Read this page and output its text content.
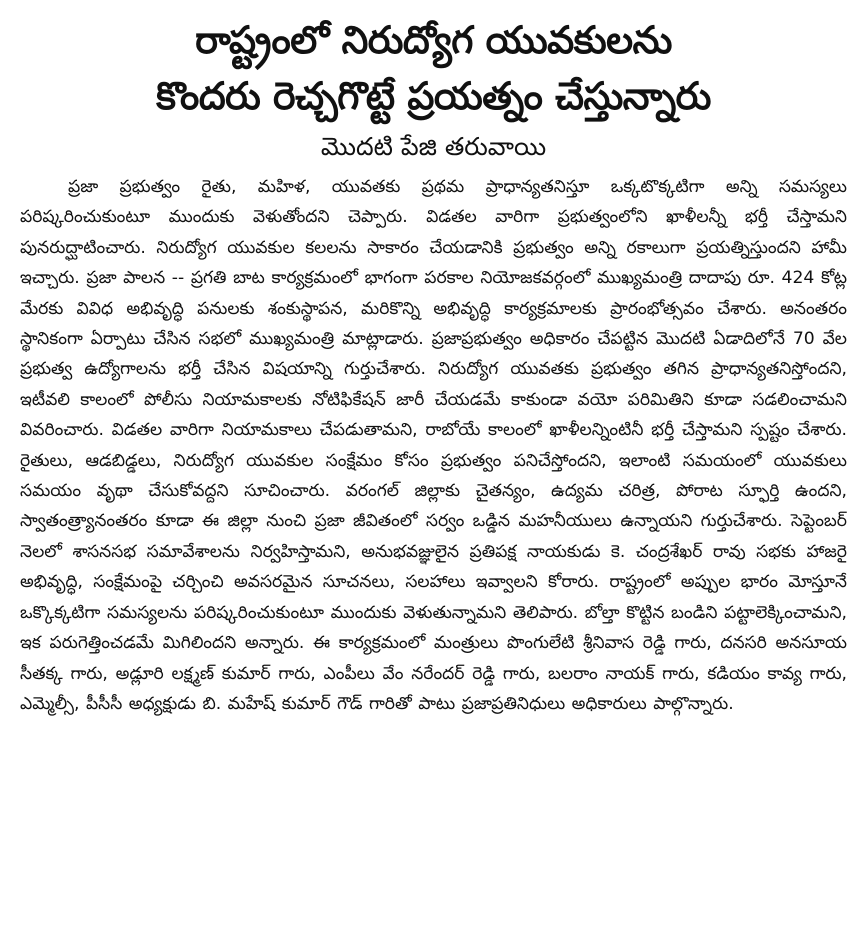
రాష్ట్రంలో నిరుద్యోగ యువకులను
కొందరు రెచ్చగొట్టే ప్రయత్నం చేస్తున్నారు
మొదటి పేజి తరువాయి

ప్రజా ప్రభుత్వం రైతు, మహిళ, యువతకు ప్రథమ ప్రాధాన్యతనిస్తూ ఒక్కటొక్కటిగా అన్ని సమస్యలు పరిష్కరించుకుంటూ ముందుకు వెళుతోందని చెప్పారు. విడతల వారిగా ప్రభుత్వంలోని ఖాళీలన్నీ భర్తీ చేస్తామని పునరుద్ఘాటించారు. నిరుద్యోగ యువకుల కలలను సాకారం చేయడానికి ప్రభుత్వం అన్ని రకాలుగా ప్రయత్నిస్తుందని హామీ ఇచ్చారు. ప్రజా పాలన -- ప్రగతి బాట కార్యక్రమంలో భాగంగా పరకాల నియోజకవర్గంలో ముఖ్యమంత్రి దాదాపు రూ. 424 కోట్ల మేరకు వివిధ అభివృద్ధి పనులకు శంకుస్థాపన, మరికొన్ని అభివృద్ధి కార్యక్రమాలకు ప్రారంభోత్సవం చేశారు. అనంతరం స్థానికంగా ఏర్పాటు చేసిన సభలో ముఖ్యమంత్రి మాట్లాడారు. ప్రజాప్రభుత్వం అధికారం చేపట్టిన మొదటి ఏడాదిలోనే 70 వేల ప్రభుత్వ ఉద్యోగాలను భర్తీ చేసిన విషయాన్ని గుర్తుచేశారు. నిరుద్యోగ యువతకు ప్రభుత్వం తగిన ప్రాధాన్యతనిస్తోందని, ఇటీవలి కాలంలో పోలీసు నియామకాలకు నోటిఫికేషన్ జారీ చేయడమే కాకుండా వయో పరిమితిని కూడా సడలించామని వివరించారు. విడతల వారిగా నియామకాలు చేపడుతామని, రాబోయే కాలంలో ఖాళీలన్నింటినీ భర్తీ చేస్తామని స్పష్టం చేశారు. రైతులు, ఆడబిడ్డలు, నిరుద్యోగ యువకుల సంక్షేమం కోసం ప్రభుత్వం పనిచేస్తోందని, ఇలాంటి సమయంలో యువకులు సమయం వృథా చేసుకోవద్దని సూచించారు. వరంగల్ జిల్లాకు చైతన్యం, ఉద్యమ చరిత్ర, పోరాట స్ఫూర్తి ఉందని, స్వాతంత్ర్యానంతరం కూడా ఈ జిల్లా నుంచి ప్రజా జీవితంలో సర్వం ఒడ్డిన మహనీయులు ఉన్నాయని గుర్తుచేశారు. సెప్టెంబర్ నెలలో శాసనసభ సమావేశాలను నిర్వహిస్తామని, అనుభవజ్ఞులైన ప్రతిపక్ష నాయకుడు కె. చంద్రశేఖర్ రావు సభకు హాజరై అభివృద్ధి, సంక్షేమంపై చర్చించి అవసరమైన సూచనలు, సలహాలు ఇవ్వాలని కోరారు. రాష్ట్రంలో అప్పుల భారం మోస్తూనే ఒక్కొక్కటిగా సమస్యలను పరిష్కరించుకుంటూ ముందుకు వెళుతున్నామని తెలిపారు. బోల్తా కొట్టిన బండిని పట్టాలెక్కించామని, ఇక పరుగెత్తించడమే మిగిలిందని అన్నారు. ఈ కార్యక్రమంలో మంత్రులు పొంగులేటి శ్రీనివాస రెడ్డి గారు, దనసరి అనసూయ సీతక్క గారు, అడ్లూరి లక్ష్మణ్ కుమార్ గారు, ఎంపీలు వేం నరేందర్ రెడ్డి గారు, బలరాం నాయక్ గారు, కడియం కావ్య గారు, ఎమ్మెల్సీ, పీసీసీ అధ్యక్షుడు బి. మహేష్ కుమార్ గౌడ్ గారితో పాటు ప్రజాప్రతినిధులు అధికారులు పాల్గొన్నారు.
